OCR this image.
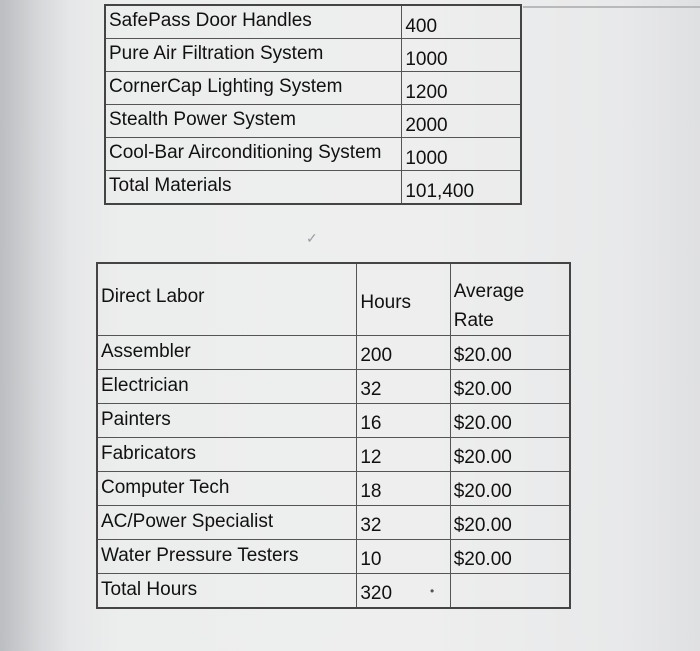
SafePass Door Handles	400
Pure Air Filtration System	1000
CornerCap Lighting System	1200
Stealth Power System	2000
Cool-Bar Airconditioning System	1000
Total Materials	101,400
✓
Direct Labor	Hours	Average
Rate
Assembler	200	$20.00
Electrician	32	$20.00
Painters	16	$20.00
Fabricators	12	$20.00
Computer Tech	18	$20.00
AC/Power Specialist	32	$20.00
Water Pressure Testers	10	$20.00
Total Hours	320		•
